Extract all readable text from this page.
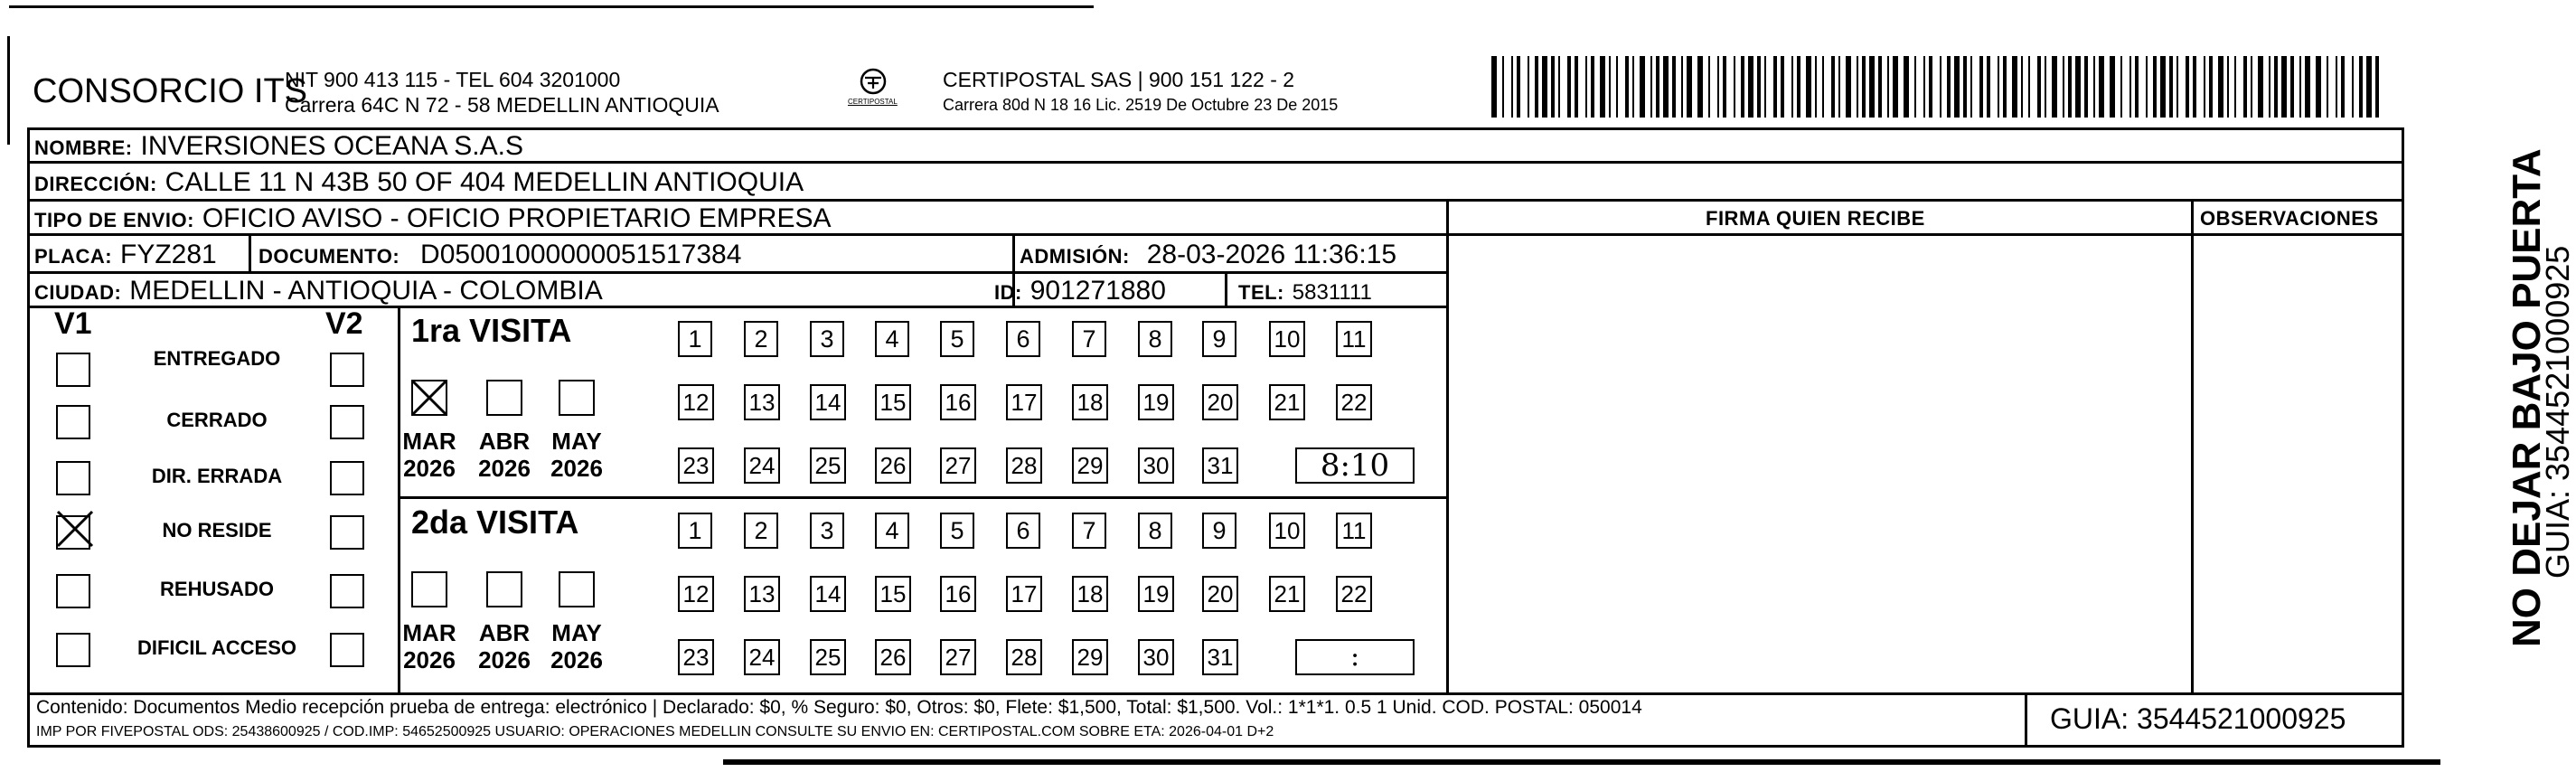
CONSORCIO ITS
NIT 900 413 115 - TEL 604 3201000
Carrera 64C N 72 - 58 MEDELLIN ANTIOQUIA	CERTIPOSTAL
CERTIPOSTAL SAS | 900 151 122 - 2
Carrera 80d N 18 16 Lic. 2519 De Octubre 23 De 2015
NOMBRE: INVERSIONES OCEANA S.A.S
DIRECCIÓN: CALLE 11 N 43B 50 OF 404 MEDELLIN ANTIOQUIA
TIPO DE ENVIO: OFICIO AVISO - OFICIO PROPIETARIO EMPRESA	FIRMA QUIEN RECIBE	OBSERVACIONES
PLACA: FYZ281 DOCUMENTO: D05001000000051517384	ADMISIÓN: 28-03-2026 11:36:15
CIUDAD: MEDELLIN - ANTIOQUIA - COLOMBIA	ID: 901271880	TEL: 5831111
V1	V2
ENTREGADO
CERRADO
DIR. ERRADA
NO RESIDE
REHUSADO
DIFICIL ACCESO
1ra VISITA
MAR
2026
ABR
2026
MAY
2026
1	2	3	4	5	6	7	8	9	10 11
12 13 14 15 16 17 18 19 20 21 22
23 24 25 26 27 28 29 30 31	8:10
2da VISITA
MAR
2026
ABR
2026
MAY
2026
1	2	3	4	5	6	7	8	9	10 11
12 13 14 15 16 17 18 19 20 21 22
23 24 25 26 27 28 29 30 31	:
NO DEJAR BAJO PUERTA
GUIA: 3544521000925
Contenido: Documentos Medio recepción prueba de entrega: electrónico | Declarado: $0, % Seguro: $0, Otros: $0, Flete: $1,500, Total: $1,500. Vol.: 1*1*1. 0.5 1 Unid. COD. POSTAL: 050014
IMP POR FIVEPOSTAL ODS: 25438600925 / COD.IMP: 54652500925 USUARIO: OPERACIONES MEDELLIN CONSULTE SU ENVIO EN: CERTIPOSTAL.COM SOBRE ETA: 2026-04-01 D+2	GUIA: 3544521000925
